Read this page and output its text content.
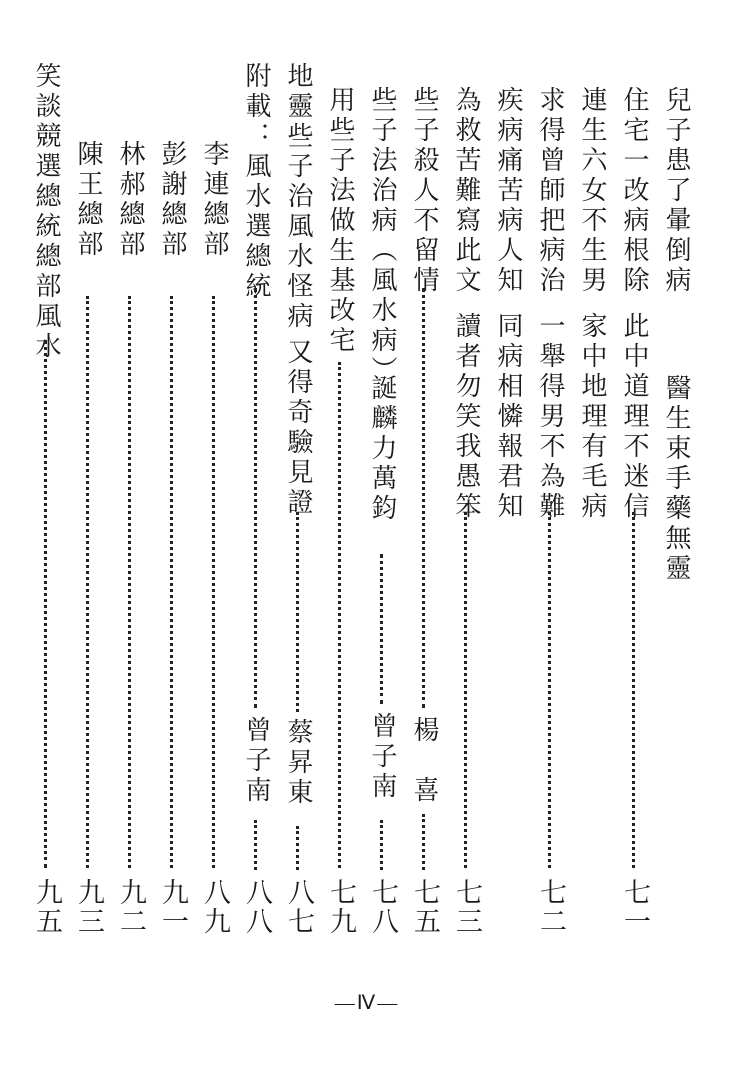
兒子患了暈倒病
醫生束手藥無靈
住宅一改病根除
此中道理不迷信
七一
連生六女不生男
家中地理有毛病
求得曾師把病治
一舉得男不為難
七二
疾病痛苦病人知
同病相憐報君知
為救苦難寫此文
讀者勿笑我愚笨
七三
些子殺人不留情
楊　喜
七五
些子法治病（風水病）
誕麟力萬鈞
曾子南
七八
用些子法做生基改宅
七九
地靈些子治風水怪病
又得奇驗見證
蔡昇東
八七
附載：風水選總統
曾子南
八八
李連總部
八九
彭謝總部
九一
林郝總部
九二
陳王總部
九三
笑談競選總統總部風水
九五
—Ⅳ—
